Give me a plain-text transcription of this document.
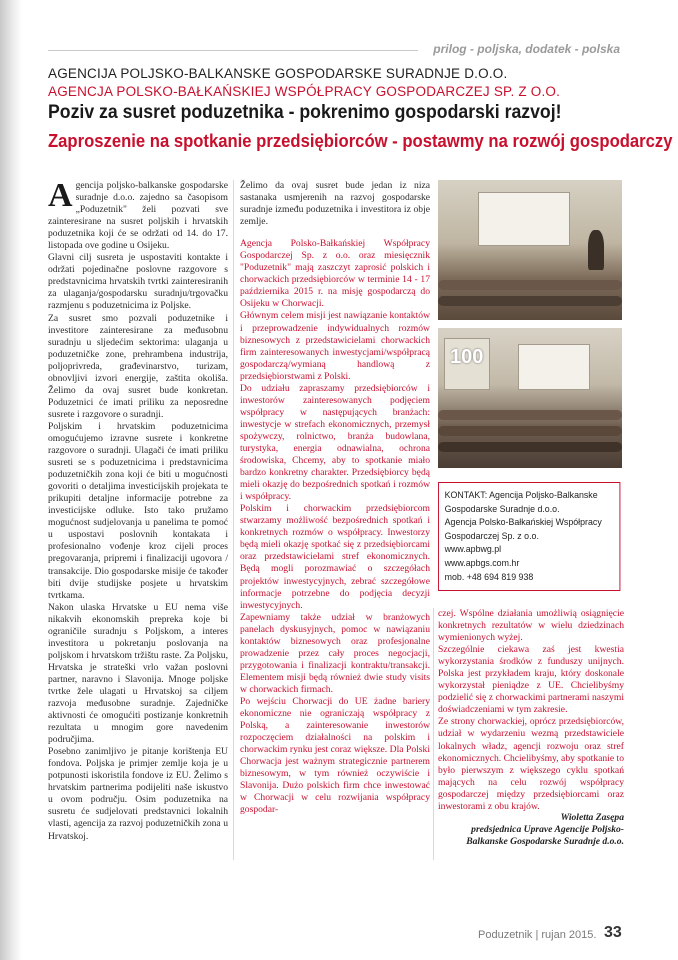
prilog - poljska, dodatek - polska
AGENCIJA POLJSKO-BALKANSKE GOSPODARSKE SURADNJE D.O.O.
AGENCJA POLSKO-BAŁKAŃSKIEJ WSPÓŁPRACY GOSPODARCZEJ SP. Z O.O.
Poziv za susret poduzetnika - pokrenimo gospodarski razvoj!
Zaproszenie na spotkanie przedsiębiorców - postawmy na rozwój gospodarczy

Agencija poljsko-balkanske gospodarske suradnje d.o.o. zajedno sa časopisom „Poduzetnik" želi pozvati sve zainteresirane na susret poljskih i hrvatskih poduzetnika koji će se održati od 14. do 17. listopada ove godine u Osijeku.

Glavni cilj susreta je uspostaviti kontakte i održati pojedinačne poslovne razgovore s predstavnicima hrvatskih tvrtki zainteresiranih za ulaganja/gospodarsku suradnju/trgovačku razmjenu s poduzetnicima iz Poljske.

Za susret smo pozvali poduzetnike i investitore zainteresirane za međusobnu suradnju u sljedećim sektorima: ulaganja u poduzetničke zone, prehrambena industrija, poljoprivreda, građevinarstvo, turizam, obnovljivi izvori energije, zaštita okoliša. Želimo da ovaj susret bude konkretan. Poduzetnici će imati priliku za neposredne susrete i razgovore o suradnji.

Poljskim i hrvatskim poduzetnicima omogućujemo izravne susrete i konkretne razgovore o suradnji. Ulagači će imati priliku susreti se s poduzetnicima i predstavnicima poduzetničkih zona koji će biti u mogućnosti govoriti o detaljima investicijskih projekata te prikupiti detaljne informacije potrebne za investicijske odluke. Isto tako pružamo mogućnost sudjelovanja u panelima te pomoć u uspostavi poslovnih kontakata i profesionalno vođenje kroz cijeli proces pregovaranja, pripremi i finalizaciji ugovora / transakcije. Dio gospodarske misije će također biti dvije studijske posjete u hrvatskim tvrtkama.

Nakon ulaska Hrvatske u EU nema više nikakvih ekonomskih prepreka koje bi ograničile suradnju s Poljskom, a interes investitora u pokretanju poslovanja na poljskom i hrvatskom tržištu raste. Za Poljsku, Hrvatska je strateški vrlo važan poslovni partner, naravno i Slavonija. Mnoge poljske tvrtke žele ulagati u Hrvatskoj sa ciljem razvoja međusobne suradnje. Zajedničke aktivnosti će omogućiti postizanje konkretnih rezultata u mnogim gore navedenim područjima.

Posebno zanimljivo je pitanje korištenja EU fondova. Poljska je primjer zemlje koja je u potpunosti iskoristila fondove iz EU. Želimo s hrvatskim partnerima podijeliti naše iskustvo u ovom području. Osim poduzetnika na susretu će sudjelovati predstavnici lokalnih vlasti, agencija za razvoj poduzetničkih zona u Hrvatskoj.

Želimo da ovaj susret bude jedan iz niza sastanaka usmjerenih na razvoj gospodarske suradnje između poduzetnika i investitora iz obje zemlje.

Agencja Polsko-Bałkańskiej Współpracy Gospodarczej Sp. z o.o. oraz miesięcznik "Poduzetnik" mają zaszczyt zaprosić polskich i chorwackich przedsiębiorców w terminie 14 - 17 października 2015 r. na misję gospodarczą do Osijeku w Chorwacji.

Głównym celem misji jest nawiązanie kontaktów i przeprowadzenie indywidualnych rozmów biznesowych z przedstawicielami chorwackich firm zainteresowanych inwestycjami/współpracą gospodarczą/wymianą handlową z przedsiębiorstwami z Polski.

Do udziału zapraszamy przedsiębiorców i inwestorów zainteresowanych podjęciem współpracy w następujących branżach: inwestycje w strefach ekonomicznych, przemysł spożywczy, rolnictwo, branża budowlana, turystyka, energia odnawialna, ochrona środowiska, Chcemy, aby to spotkanie miało bardzo konkretny charakter. Przedsiębiorcy będą mieli okazję do bezpośrednich spotkań i rozmów i współpracy.

Polskim i chorwackim przedsiębiorcom stwarzamy możliwość bezpośrednich spotkań i konkretnych rozmów o współpracy. Inwestorzy będą mieli okazję spotkać się z przedsiębiorcami oraz przedstawicielami stref ekonomicznych. Będą mogli porozmawiać o szczegółach projektów inwestycyjnych, zebrać szczegółowe informacje potrzebne do podjęcia decyzji inwestycyjnych.

Zapewniamy także udział w branżowych panelach dyskusyjnych, pomoc w nawiązaniu kontaktów biznesowych oraz profesjonalne prowadzenie przez cały proces negocjacji, przygotowania i finalizacji kontraktu/transakcji. Elementem misji będą również dwie study visits w chorwackich firmach.

Po wejściu Chorwacji do UE żadne bariery ekonomiczne nie ograniczają współpracy z Polską, a zainteresowanie inwestorów rozpoczęciem działalności na polskim i chorwackim rynku jest coraz większe. Dla Polski Chorwacja jest ważnym strategicznie partnerem biznesowym, w tym również oczywiście i Slavonija. Dużo polskich firm chce inwestować w Chorwacji w celu rozwijania współpracy gospodar-

100

KONTAKT: Agencija Poljsko-Balkanske Gospodarske Suradnje d.o.o.

Agencja Polsko-Bałkańskiej Współpracy Gospodarczej Sp. z o.o.

www.apbwg.pl

www.apbgs.com.hr

mob. +48 694 819 938

czej. Wspólne działania umożliwią osiągnięcie konkretnych rezultatów w wielu dziedzinach wymienionych wyżej.

Szczególnie ciekawa zaś jest kwestia wykorzystania środków z funduszy unijnych. Polska jest przykładem kraju, który doskonale wykorzystał pieniądze z UE. Chcielibyśmy podzielić się z chorwackimi partnerami naszymi doświadczeniami w tym zakresie.

Ze strony chorwackiej, oprócz przedsiębiorców, udział w wydarzeniu wezmą przedstawiciele lokalnych władz, agencji rozwoju oraz stref ekonomicznych. Chcielibyśmy, aby spotkanie to było pierwszym z większego cyklu spotkań mających na celu rozwój współpracy gospodarczej między przedsiębiorcami oraz inwestorami z obu krajów.

Wioletta Zasępa
predsjednica Uprave Agencije Poljsko-Balkanske Gospodarske Suradnje d.o.o.
Poduzetnik | rujan 2015. 33
